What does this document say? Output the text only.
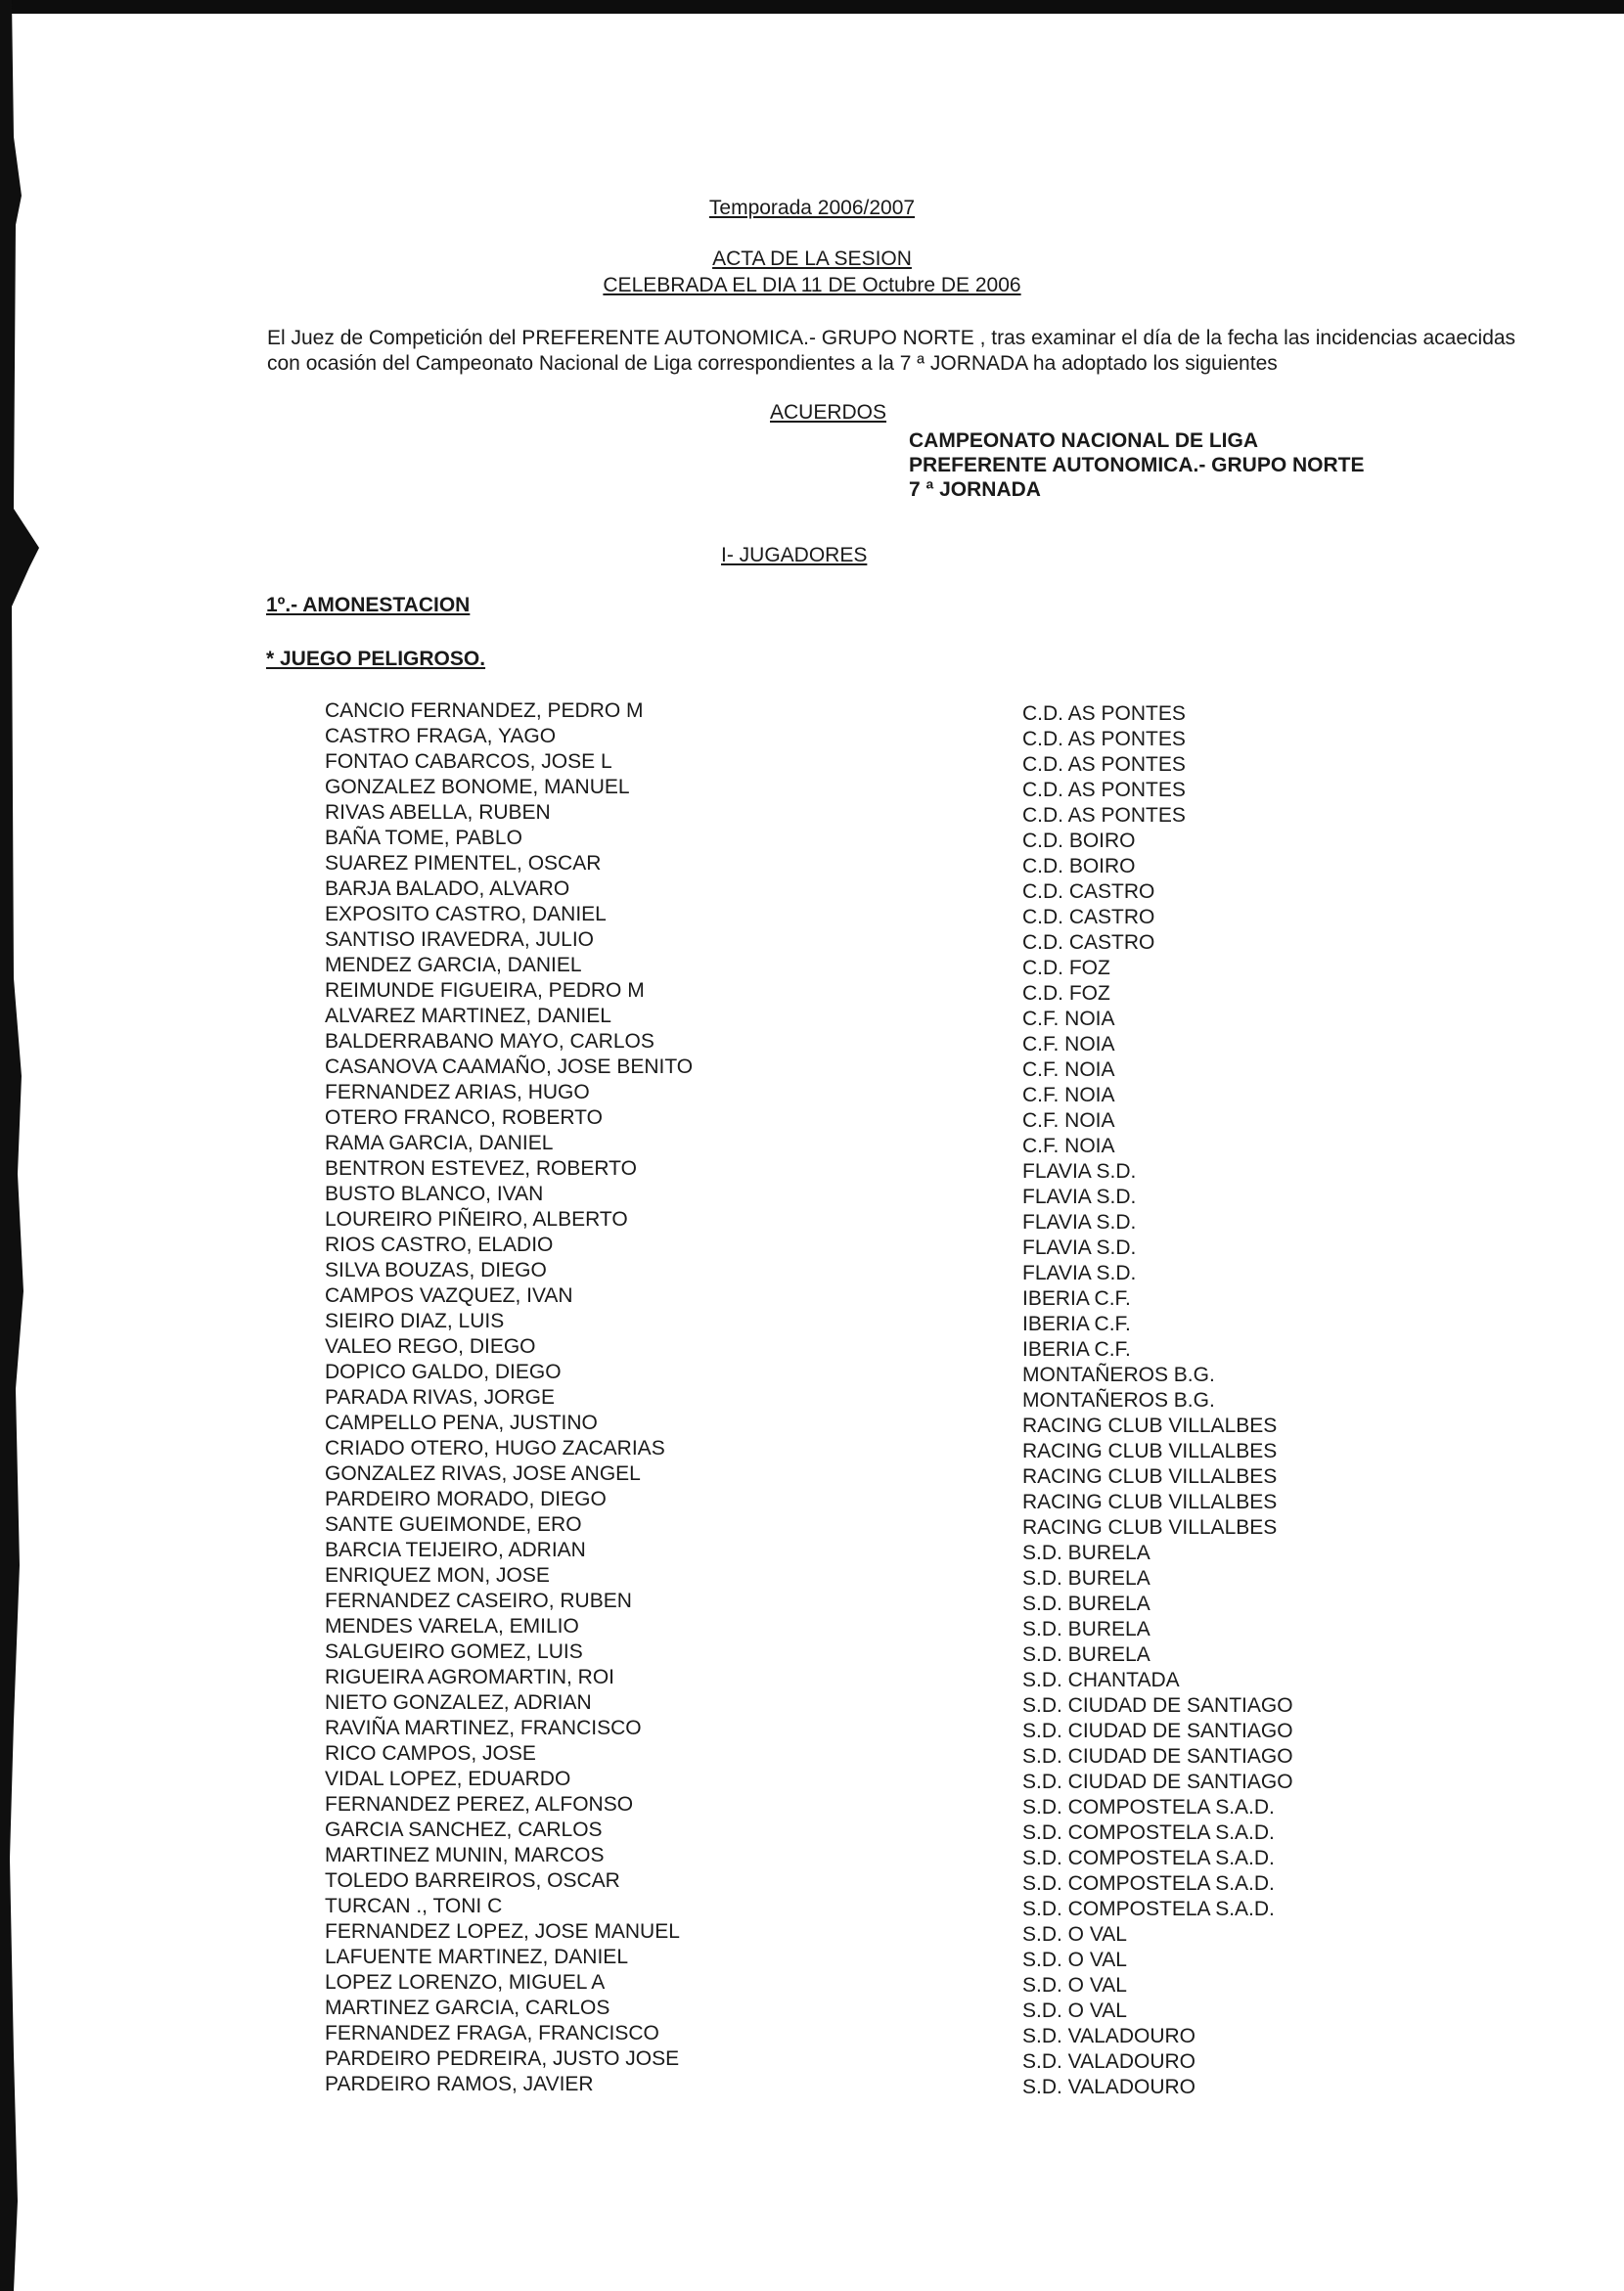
Temporada 2006/2007
ACTA DE LA SESION
CELEBRADA EL DIA 11 DE Octubre DE 2006
El Juez de Competición del PREFERENTE AUTONOMICA.- GRUPO NORTE , tras examinar el día de la fecha las incidencias acaecidas con ocasión del Campeonato Nacional de Liga correspondientes a la 7 ª JORNADA ha adoptado los siguientes
ACUERDOS
CAMPEONATO NACIONAL DE LIGA
PREFERENTE AUTONOMICA.- GRUPO NORTE
7 ª JORNADA
I- JUGADORES
1º.- AMONESTACION
* JUEGO PELIGROSO.
CANCIO FERNANDEZ, PEDRO M	C.D. AS PONTES
CASTRO FRAGA, YAGO	C.D. AS PONTES
FONTAO CABARCOS, JOSE L	C.D. AS PONTES
GONZALEZ BONOME, MANUEL	C.D. AS PONTES
RIVAS ABELLA, RUBEN	C.D. AS PONTES
BAÑA TOME, PABLO	C.D. BOIRO
SUAREZ PIMENTEL, OSCAR	C.D. BOIRO
BARJA BALADO, ALVARO	C.D. CASTRO
EXPOSITO CASTRO, DANIEL	C.D. CASTRO
SANTISO IRAVEDRA, JULIO	C.D. CASTRO
MENDEZ GARCIA, DANIEL	C.D. FOZ
REIMUNDE FIGUEIRA, PEDRO M	C.D. FOZ
ALVAREZ MARTINEZ, DANIEL	C.F. NOIA
BALDERRABANO MAYO, CARLOS	C.F. NOIA
CASANOVA CAAMAÑO, JOSE BENITO	C.F. NOIA
FERNANDEZ ARIAS, HUGO	C.F. NOIA
OTERO FRANCO, ROBERTO	C.F. NOIA
RAMA GARCIA, DANIEL	C.F. NOIA
BENTRON ESTEVEZ, ROBERTO	FLAVIA S.D.
BUSTO BLANCO, IVAN	FLAVIA S.D.
LOUREIRO PIÑEIRO, ALBERTO	FLAVIA S.D.
RIOS CASTRO, ELADIO	FLAVIA S.D.
SILVA BOUZAS, DIEGO	FLAVIA S.D.
CAMPOS VAZQUEZ, IVAN	IBERIA C.F.
SIEIRO DIAZ, LUIS	IBERIA C.F.
VALEO REGO, DIEGO	IBERIA C.F.
DOPICO GALDO, DIEGO	MONTAÑEROS B.G.
PARADA RIVAS, JORGE	MONTAÑEROS B.G.
CAMPELLO PENA, JUSTINO	RACING CLUB VILLALBES
CRIADO OTERO, HUGO ZACARIAS	RACING CLUB VILLALBES
GONZALEZ RIVAS, JOSE ANGEL	RACING CLUB VILLALBES
PARDEIRO MORADO, DIEGO	RACING CLUB VILLALBES
SANTE GUEIMONDE, ERO	RACING CLUB VILLALBES
BARCIA TEIJEIRO, ADRIAN	S.D. BURELA
ENRIQUEZ MON, JOSE	S.D. BURELA
FERNANDEZ CASEIRO, RUBEN	S.D. BURELA
MENDES VARELA, EMILIO	S.D. BURELA
SALGUEIRO GOMEZ, LUIS	S.D. BURELA
RIGUEIRA AGROMARTIN, ROI	S.D. CHANTADA
NIETO GONZALEZ, ADRIAN	S.D. CIUDAD DE SANTIAGO
RAVIÑA MARTINEZ, FRANCISCO	S.D. CIUDAD DE SANTIAGO
RICO CAMPOS, JOSE	S.D. CIUDAD DE SANTIAGO
VIDAL LOPEZ, EDUARDO	S.D. CIUDAD DE SANTIAGO
FERNANDEZ PEREZ, ALFONSO	S.D. COMPOSTELA S.A.D.
GARCIA SANCHEZ, CARLOS	S.D. COMPOSTELA S.A.D.
MARTINEZ MUNIN, MARCOS	S.D. COMPOSTELA S.A.D.
TOLEDO BARREIROS, OSCAR	S.D. COMPOSTELA S.A.D.
TURCAN ., TONI C	S.D. COMPOSTELA S.A.D.
FERNANDEZ LOPEZ, JOSE MANUEL	S.D. O VAL
LAFUENTE MARTINEZ, DANIEL	S.D. O VAL
LOPEZ LORENZO, MIGUEL A	S.D. O VAL
MARTINEZ GARCIA, CARLOS	S.D. O VAL
FERNANDEZ FRAGA, FRANCISCO	S.D. VALADOURO
PARDEIRO PEDREIRA, JUSTO JOSE	S.D. VALADOURO
PARDEIRO RAMOS, JAVIER	S.D. VALADOURO
